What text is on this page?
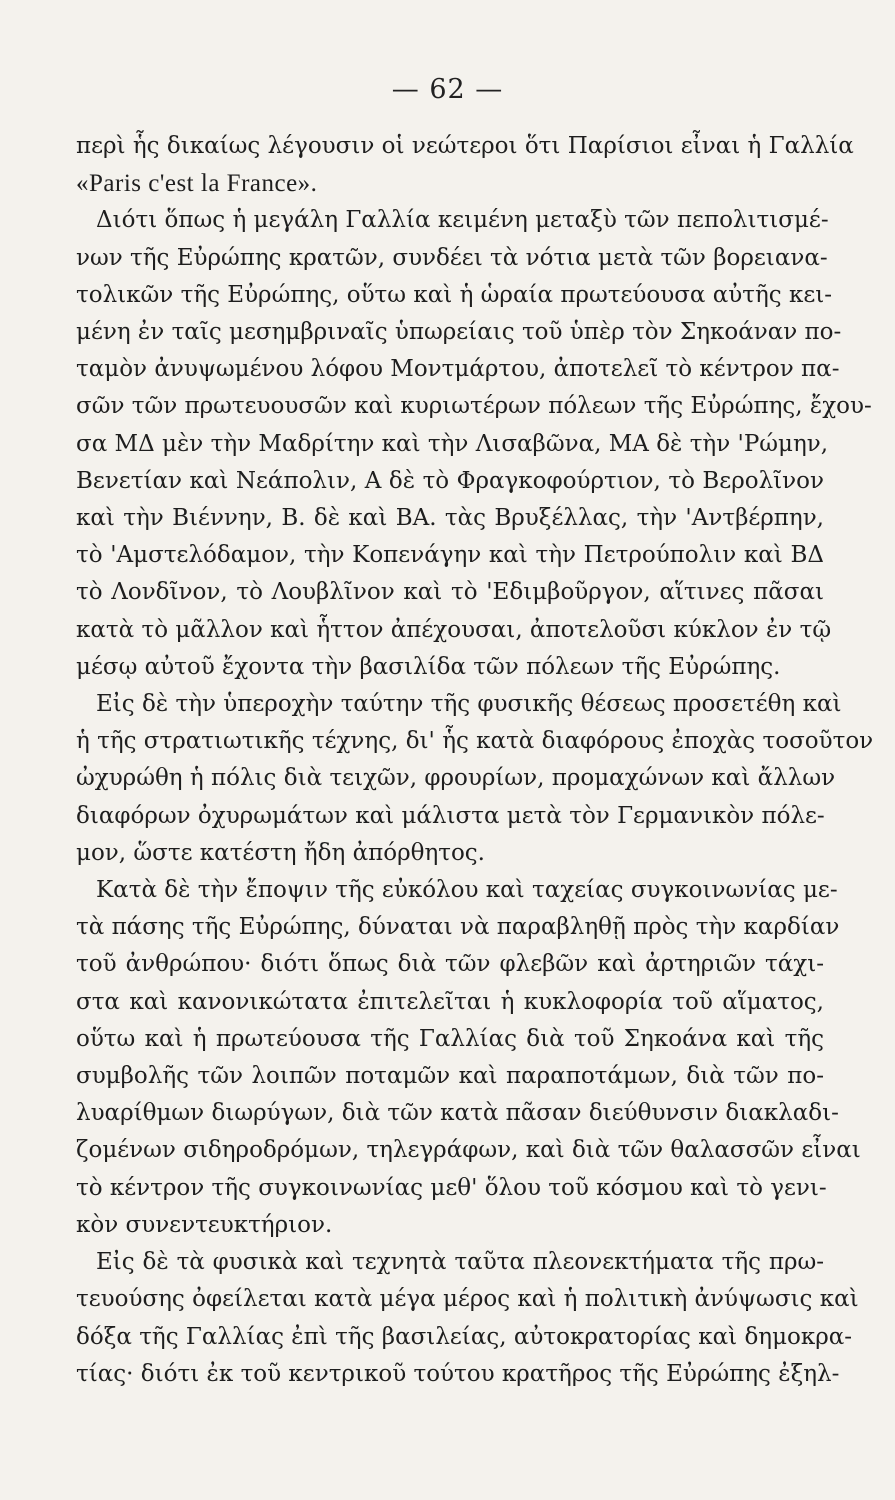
— 62 —
περὶ ἧς δικαίως λέγουσιν οἱ νεώτεροι ὅτι Παρίσιοι εἶναι ἡ Γαλλία
«Paris c'est la France».
Διότι ὅπως ἡ μεγάλη Γαλλία κειμένη μεταξὺ τῶν πεπολιτισμέ-
νων τῆς Εὐρώπης κρατῶν, συνδέει τὰ νότια μετὰ τῶν βορειανα-
τολικῶν τῆς Εὐρώπης, οὕτω καὶ ἡ ὡραία πρωτεύουσα αὐτῆς κει-
μένη ἐν ταῖς μεσημβριναῖς ὑπωρείαις τοῦ ὑπὲρ τὸν Σηκοάναν πο-
ταμὸν ἀνυψωμένου λόφου Μοντμάρτου, ἀποτελεῖ τὸ κέντρον πα-
σῶν τῶν πρωτευουσῶν καὶ κυριωτέρων πόλεων τῆς Εὐρώπης, ἔχου-
σα ΜΔ μὲν τὴν Μαδρίτην καὶ τὴν Λισαβῶνα, ΜΑ δὲ τὴν 'Ρώμην,
Βενετίαν καὶ Νεάπολιν, Α δὲ τὸ Φραγκοφούρτιον, τὸ Βερολῖνον
καὶ τὴν Βιέννην, Β. δὲ καὶ ΒΑ. τὰς Βρυξέλλας, τὴν 'Αντβέρπην,
τὸ 'Αμστελόδαμον, τὴν Κοπενάγην καὶ τὴν Πετρούπολιν καὶ ΒΔ
τὸ Λονδῖνον, τὸ Λουβλῖνον καὶ τὸ 'Εδιμβοῦργον, αἵτινες πᾶσαι
κατὰ τὸ μᾶλλον καὶ ἧττον ἀπέχουσαι, ἀποτελοῦσι κύκλον ἐν τῷ
μέσῳ αὐτοῦ ἔχοντα τὴν βασιλίδα τῶν πόλεων τῆς Εὐρώπης.
Εἰς δὲ τὴν ὑπεροχὴν ταύτην τῆς φυσικῆς θέσεως προσετέθη καὶ
ἡ τῆς στρατιωτικῆς τέχνης, δι' ἧς κατὰ διαφόρους ἐποχὰς τοσοῦτον
ὠχυρώθη ἡ πόλις διὰ τειχῶν, φρουρίων, προμαχώνων καὶ ἄλλων
διαφόρων ὀχυρωμάτων καὶ μάλιστα μετὰ τὸν Γερμανικὸν πόλε-
μον, ὥστε κατέστη ἤδη ἀπόρθητος.
Κατὰ δὲ τὴν ἔποψιν τῆς εὐκόλου καὶ ταχείας συγκοινωνίας με-
τὰ πάσης τῆς Εὐρώπης, δύναται νὰ παραβληθῇ πρὸς τὴν καρδίαν
τοῦ ἀνθρώπου· διότι ὅπως διὰ τῶν φλεβῶν καὶ ἀρτηριῶν τάχι-
στα καὶ κανονικώτατα ἐπιτελεῖται ἡ κυκλοφορία τοῦ αἵματος,
οὕτω καὶ ἡ πρωτεύουσα τῆς Γαλλίας διὰ τοῦ Σηκοάνα καὶ τῆς
συμβολῆς τῶν λοιπῶν ποταμῶν καὶ παραποτάμων, διὰ τῶν πο-
λυαρίθμων διωρύγων, διὰ τῶν κατὰ πᾶσαν διεύθυνσιν διακλαδι-
ζομένων σιδηροδρόμων, τηλεγράφων, καὶ διὰ τῶν θαλασσῶν εἶναι
τὸ κέντρον τῆς συγκοινωνίας μεθ' ὅλου τοῦ κόσμου καὶ τὸ γενι-
κὸν συνεντευκτήριον.
Εἰς δὲ τὰ φυσικὰ καὶ τεχνητὰ ταῦτα πλεονεκτήματα τῆς πρω-
τευούσης ὀφείλεται κατὰ μέγα μέρος καὶ ἡ πολιτικὴ ἀνύψωσις καὶ
δόξα τῆς Γαλλίας ἐπὶ τῆς βασιλείας, αὐτοκρατορίας καὶ δημοκρα-
τίας· διότι ἐκ τοῦ κεντρικοῦ τούτου κρατῆρος τῆς Εὐρώπης ἐξηλ-
